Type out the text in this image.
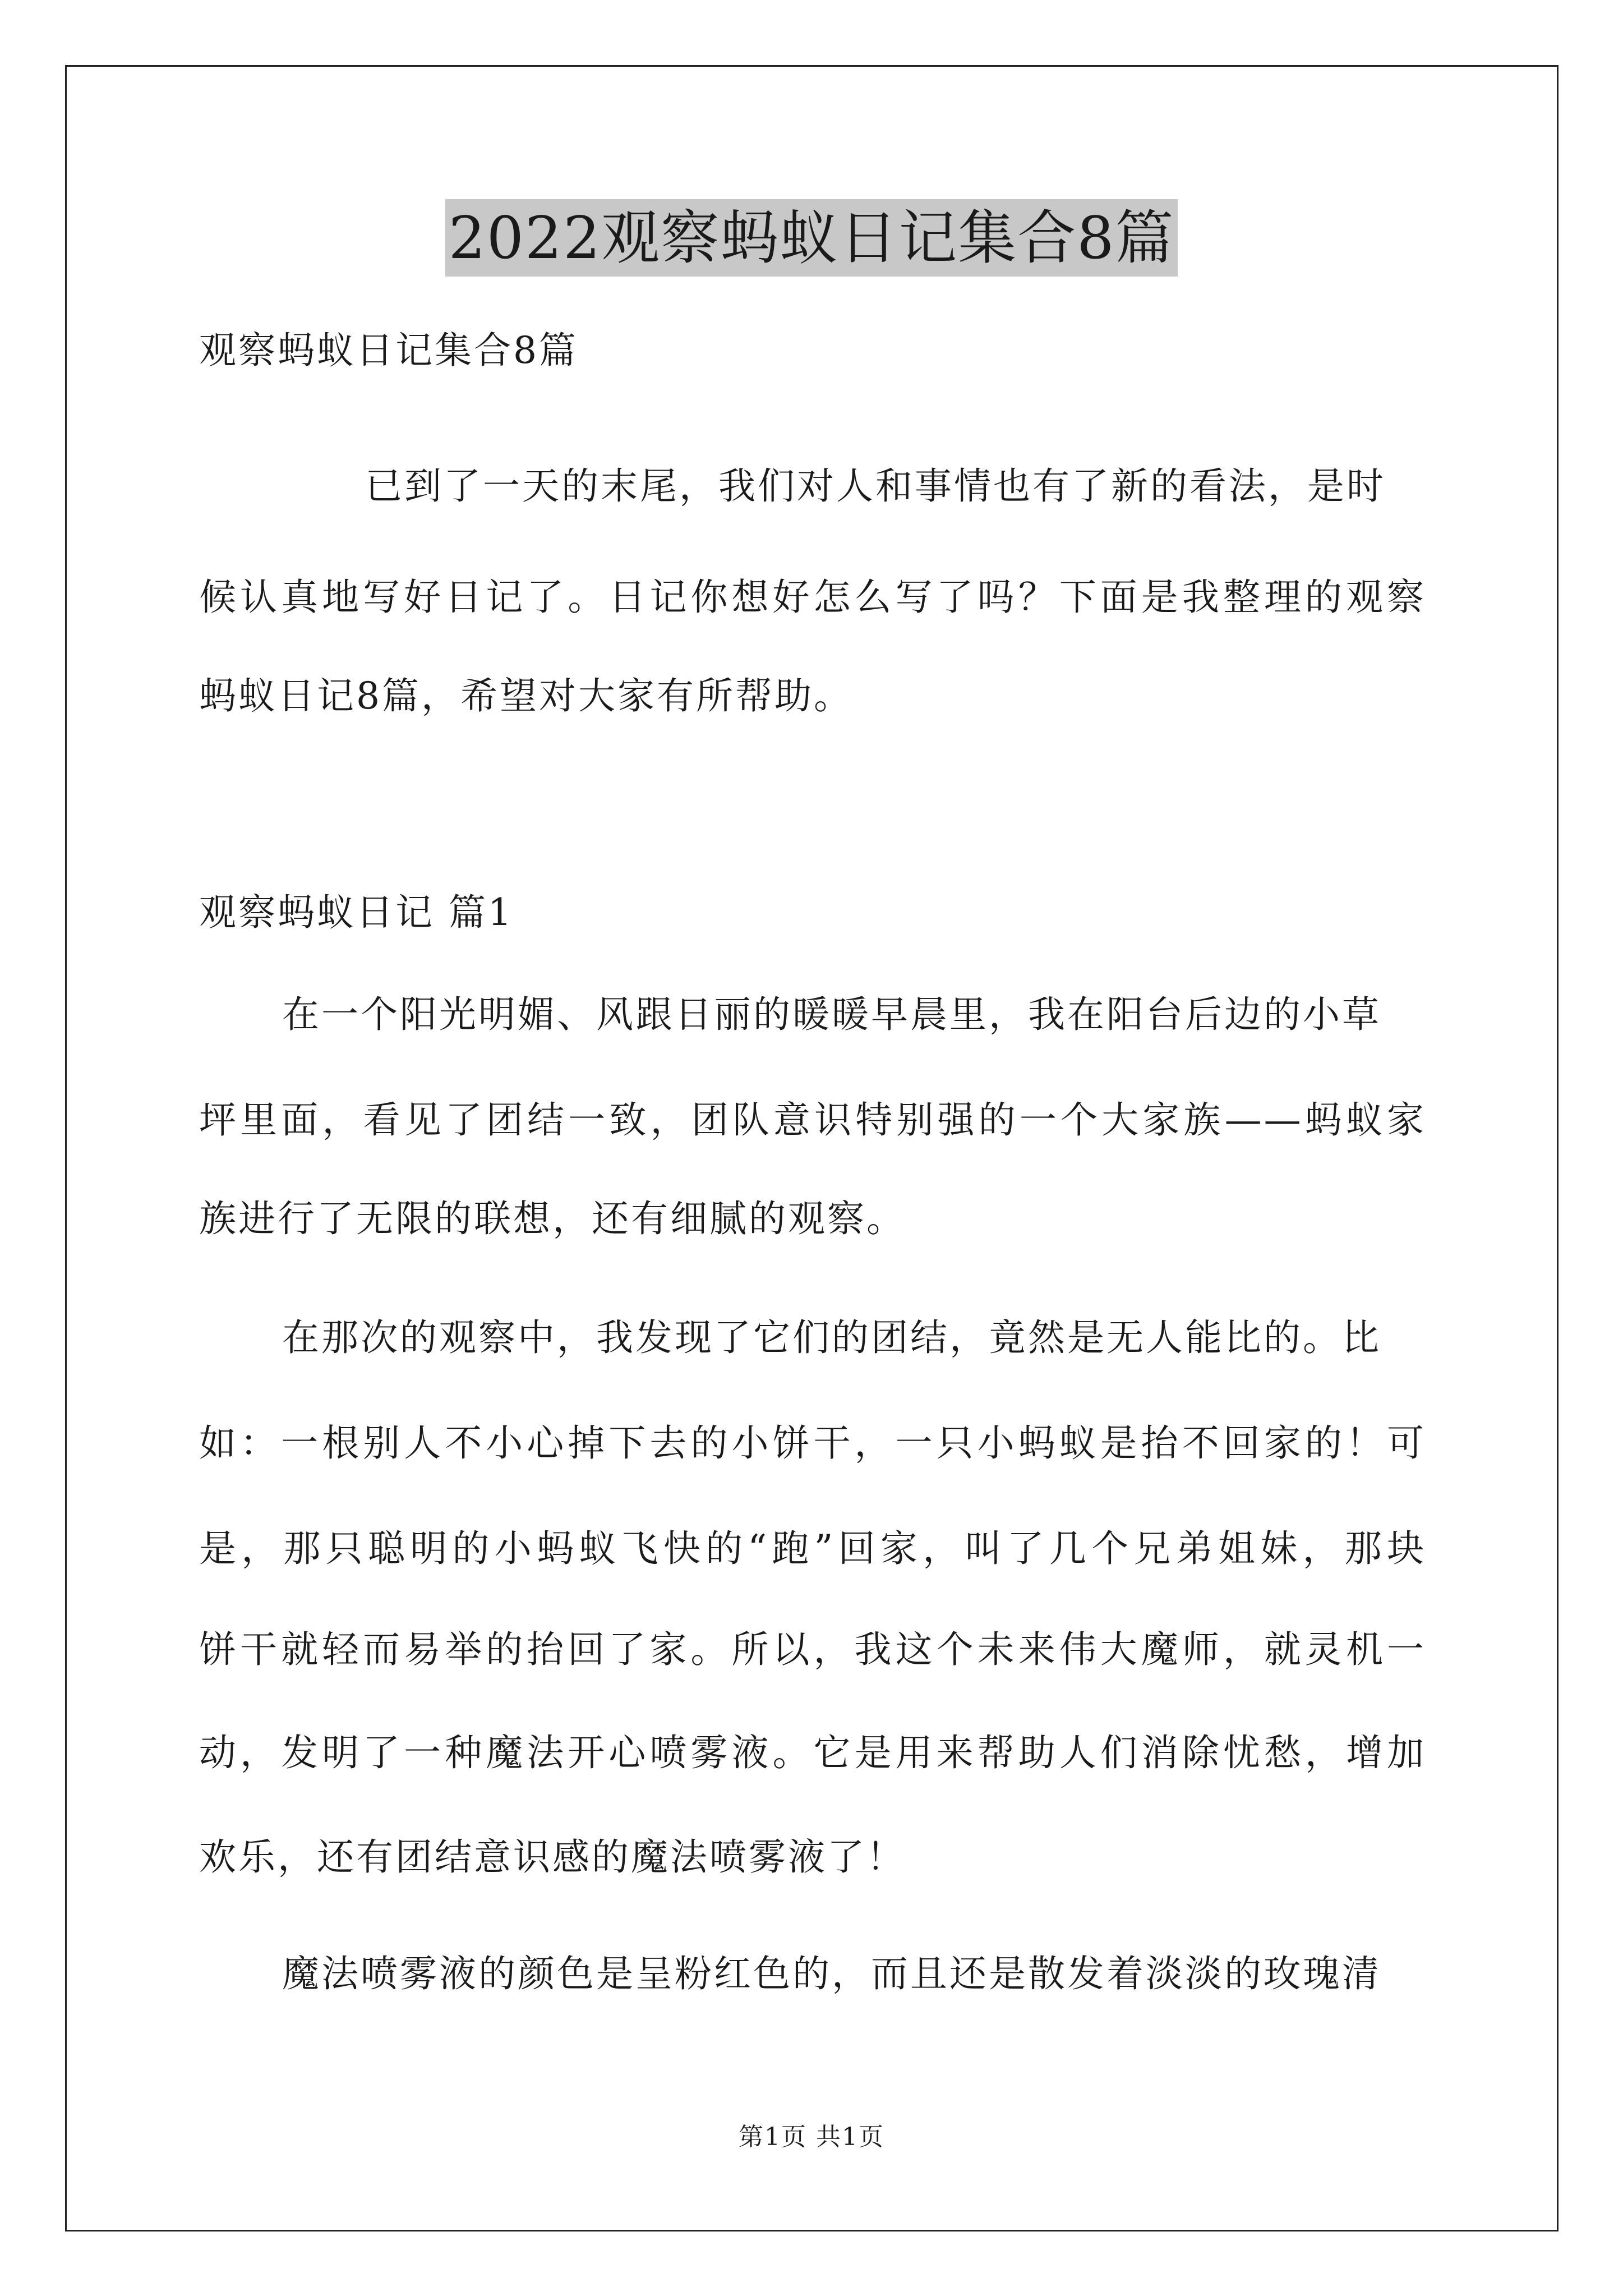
2022观察蚂蚁日记集合8篇
观察蚂蚁日记集合8篇
已到了一天的末尾，我们对人和事情也有了新的看法，是时
候认真地写好日记了。日记你想好怎么写了吗？下面是我整理的观察
蚂蚁日记8篇，希望对大家有所帮助。
观察蚂蚁日记 篇1
在一个阳光明媚、风跟日丽的暖暖早晨里，我在阳台后边的小草
坪里面，看见了团结一致，团队意识特别强的一个大家族——蚂蚁家
族进行了无限的联想，还有细腻的观察。
在那次的观察中，我发现了它们的团结，竟然是无人能比的。比
如：一根别人不小心掉下去的小饼干，一只小蚂蚁是抬不回家的！可
是，那只聪明的小蚂蚁飞快的“跑”回家，叫了几个兄弟姐妹，那块
饼干就轻而易举的抬回了家。所以，我这个未来伟大魔师，就灵机一
动，发明了一种魔法开心喷雾液。它是用来帮助人们消除忧愁，增加
欢乐，还有团结意识感的魔法喷雾液了！
魔法喷雾液的颜色是呈粉红色的，而且还是散发着淡淡的玫瑰清
第1页 共1页
